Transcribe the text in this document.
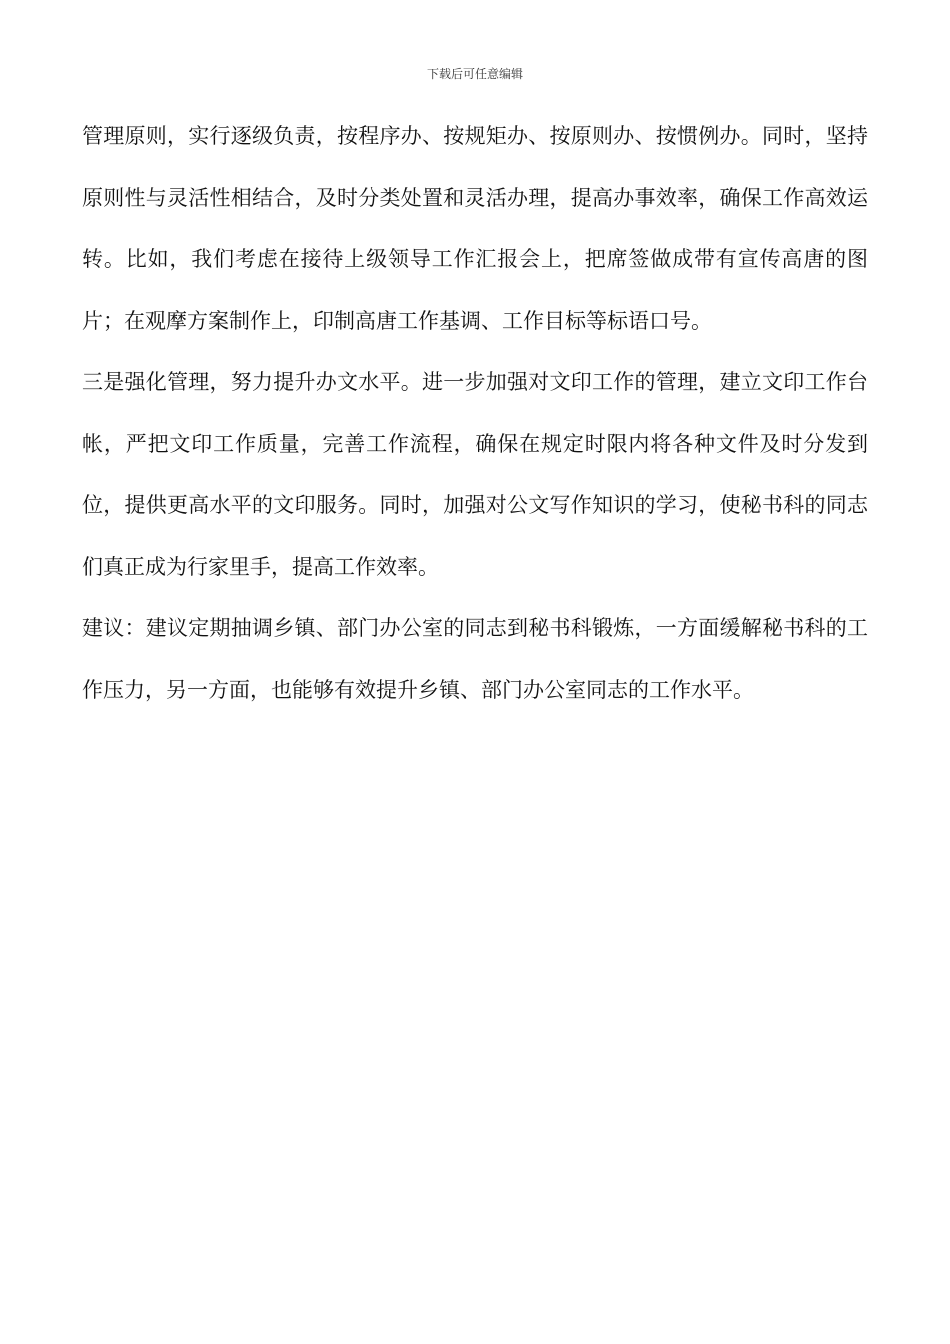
下载后可任意编辑

管理原则，实行逐级负责，按程序办、按规矩办、按原则办、按惯例办。同时，坚持原则性与灵活性相结合，及时分类处置和灵活办理，提高办事效率，确保工作高效运转。比如，我们考虑在接待上级领导工作汇报会上，把席签做成带有宣传高唐的图片；在观摩方案制作上，印制高唐工作基调、工作目标等标语口号。

三是强化管理，努力提升办文水平。进一步加强对文印工作的管理，建立文印工作台帐，严把文印工作质量，完善工作流程，确保在规定时限内将各种文件及时分发到位，提供更高水平的文印服务。同时，加强对公文写作知识的学习，使秘书科的同志们真正成为行家里手，提高工作效率。

建议：建议定期抽调乡镇、部门办公室的同志到秘书科锻炼，一方面缓解秘书科的工作压力，另一方面，也能够有效提升乡镇、部门办公室同志的工作水平。
